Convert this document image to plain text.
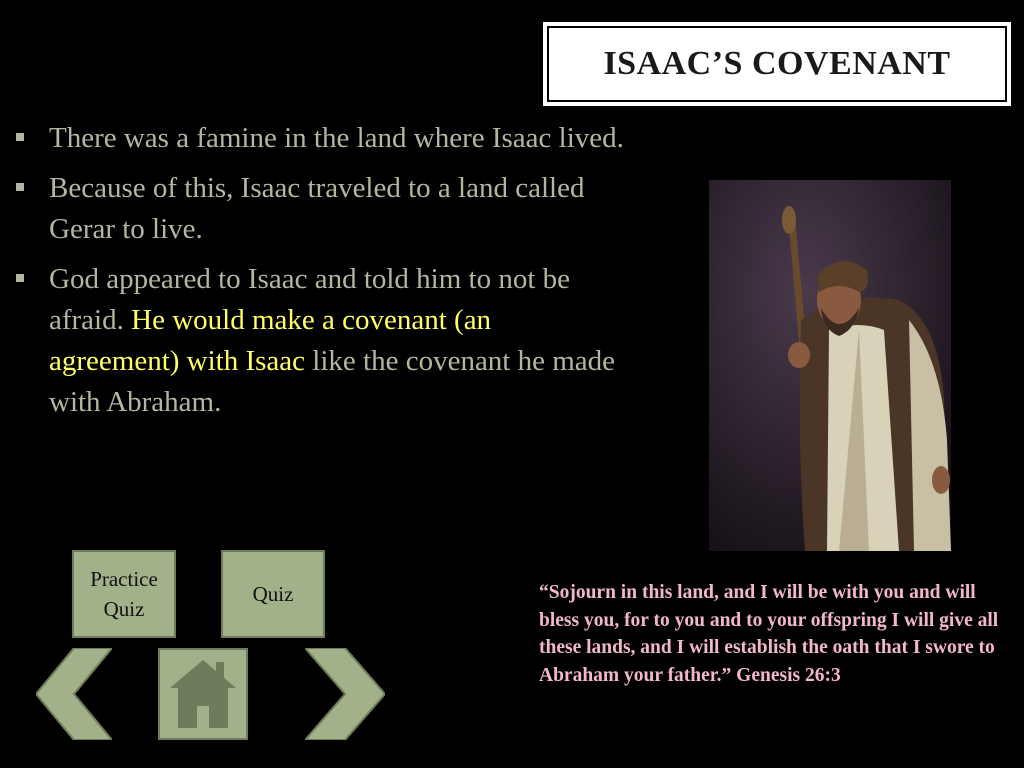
ISAAC’S COVENANT
There was a famine in the land where Isaac lived.
Because of this, Isaac traveled to a land called Gerar to live.
God appeared to Isaac and told him to not be afraid. He would make a covenant (an agreement) with Isaac like the covenant he made with Abraham.
“Sojourn in this land, and I will be with you and will bless you, for to you and to your offspring I will give all these lands, and I will establish the oath that I swore to Abraham your father.” Genesis 26:3
Practice Quiz
Quiz
